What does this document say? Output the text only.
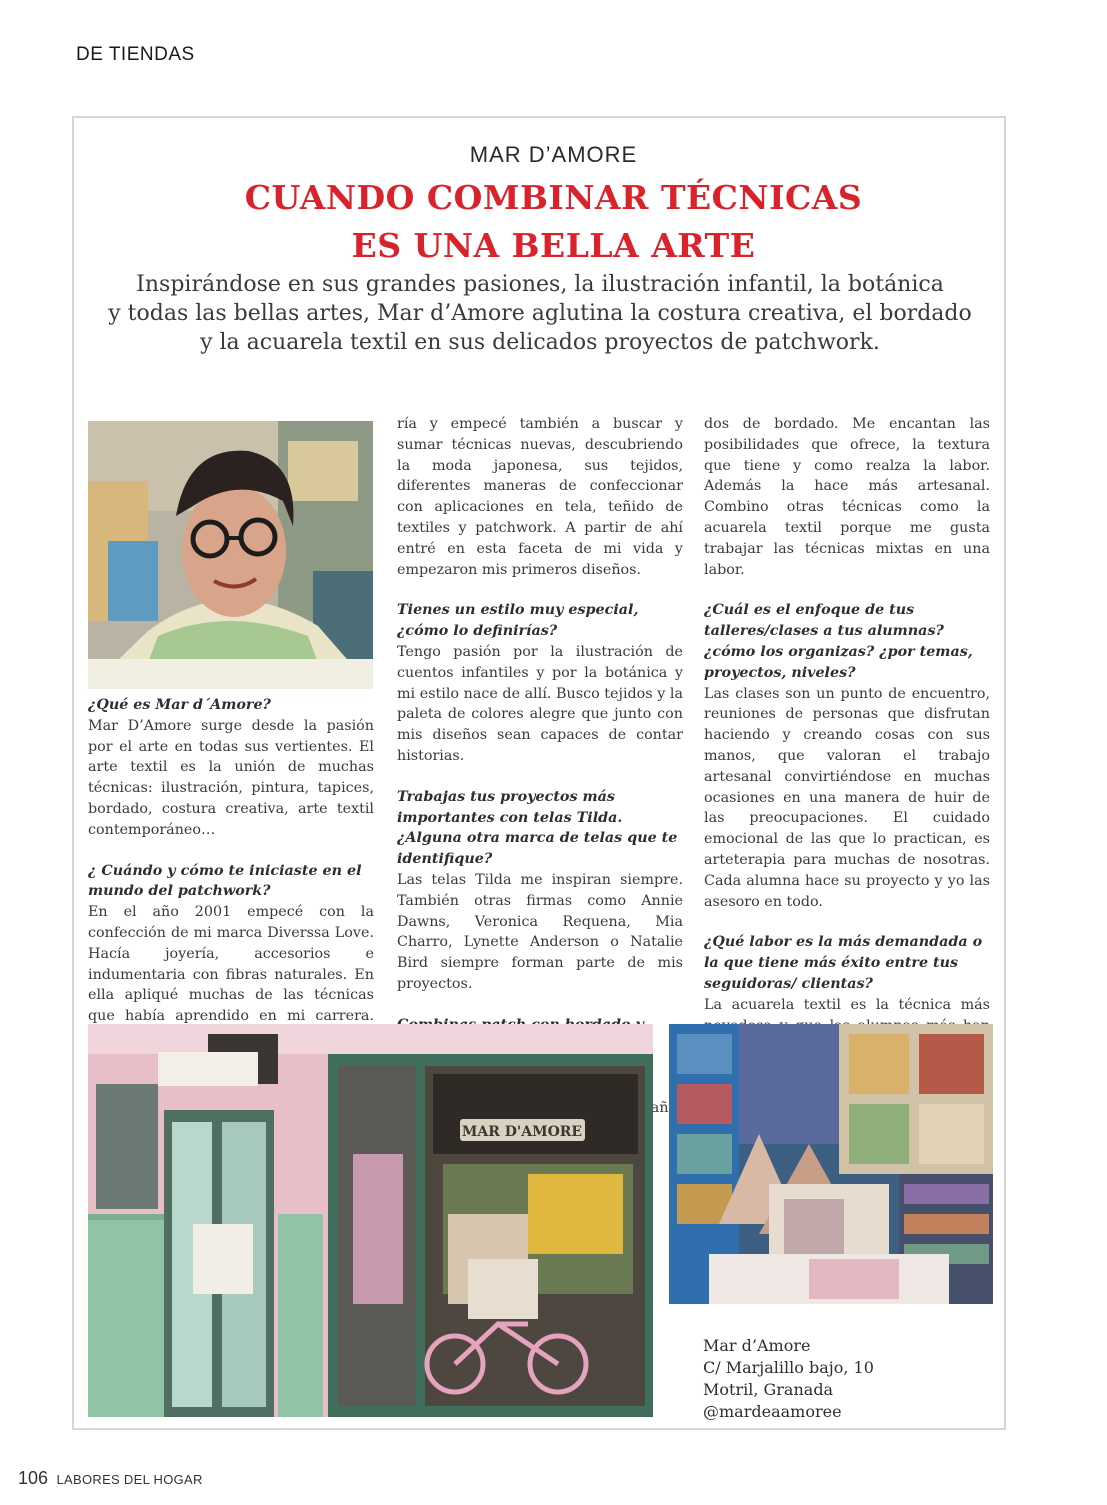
DE TIENDAS
MAR D’AMORE
CUANDO COMBINAR TÉCNICAS
ES UNA BELLA ARTE
Inspirándose en sus grandes pasiones, la ilustración infantil, la botánica
y todas las bellas artes, Mar d’Amore aglutina la costura creativa, el bordado
y la acuarela textil en sus delicados proyectos de patchwork.

¿Qué es Mar d´Amore?
Mar D’Amore surge desde la pasión por el arte en todas sus vertientes. El arte textil es la unión de muchas técnicas: ilustración, pintura, tapices, bordado, costura creativa, arte textil contemporáneo…

¿ Cuándo y cómo te iniciaste en el mundo del patchwork?
En el año 2001 empecé con la confección de mi marca Diverssa Love. Hacía joyería, accesorios e indumentaria con fibras naturales. En ella apliqué muchas de las técnicas que había aprendido en mi carrera.

ría y empecé también a buscar y sumar técnicas nuevas, descubriendo la moda japonesa, sus tejidos, diferentes maneras de confeccionar con aplicaciones en tela, teñido de textiles y patchwork. A partir de ahí entré en esta faceta de mi vida y empezaron mis primeros diseños.

Tienes un estilo muy especial, ¿cómo lo definirías?
Tengo pasión por la ilustración de cuentos infantiles y por la botánica y mi estilo nace de allí. Busco tejidos y la paleta de colores alegre que junto con mis diseños sean capaces de contar historias.

Trabajas tus proyectos más importantes con telas Tilda. ¿Alguna otra marca de telas que te identifique?
Las telas Tilda me inspiran siempre. También otras firmas como Annie Dawns, Veronica Requena, Mia Charro, Lynette Anderson o Natalie Bird siempre forman parte de mis proyectos.

dos de bordado. Me encantan las posibilidades que ofrece, la textura que tiene y como realza la labor. Además la hace más artesanal. Combino otras técnicas como la acuarela textil porque me gusta trabajar las técnicas mixtas en una labor.

¿Cuál es el enfoque de tus talleres/clases a tus alumnas? ¿cómo los organizas? ¿por temas, proyectos, niveles?
Las clases son un punto de encuentro, reuniones de personas que disfrutan haciendo y creando cosas con sus manos, que valoran el trabajo artesanal convirtiéndose en muchas ocasiones en una manera de huir de las preocupaciones. El cuidado emocional de las que lo practican, es arteterapia para muchas de nosotras. Cada alumna hace su proyecto y yo las asesoro en todo.

¿Qué labor es la más demandada o la que tiene más éxito entre tus seguidoras/ clientas?
La acuarela textil es la técnica más

MAR D'AMORE
Mar d’Amore
C/ Marjalillo bajo, 10
Motril, Granada
@mardeaamoree
106 LABORES DEL HOGAR
